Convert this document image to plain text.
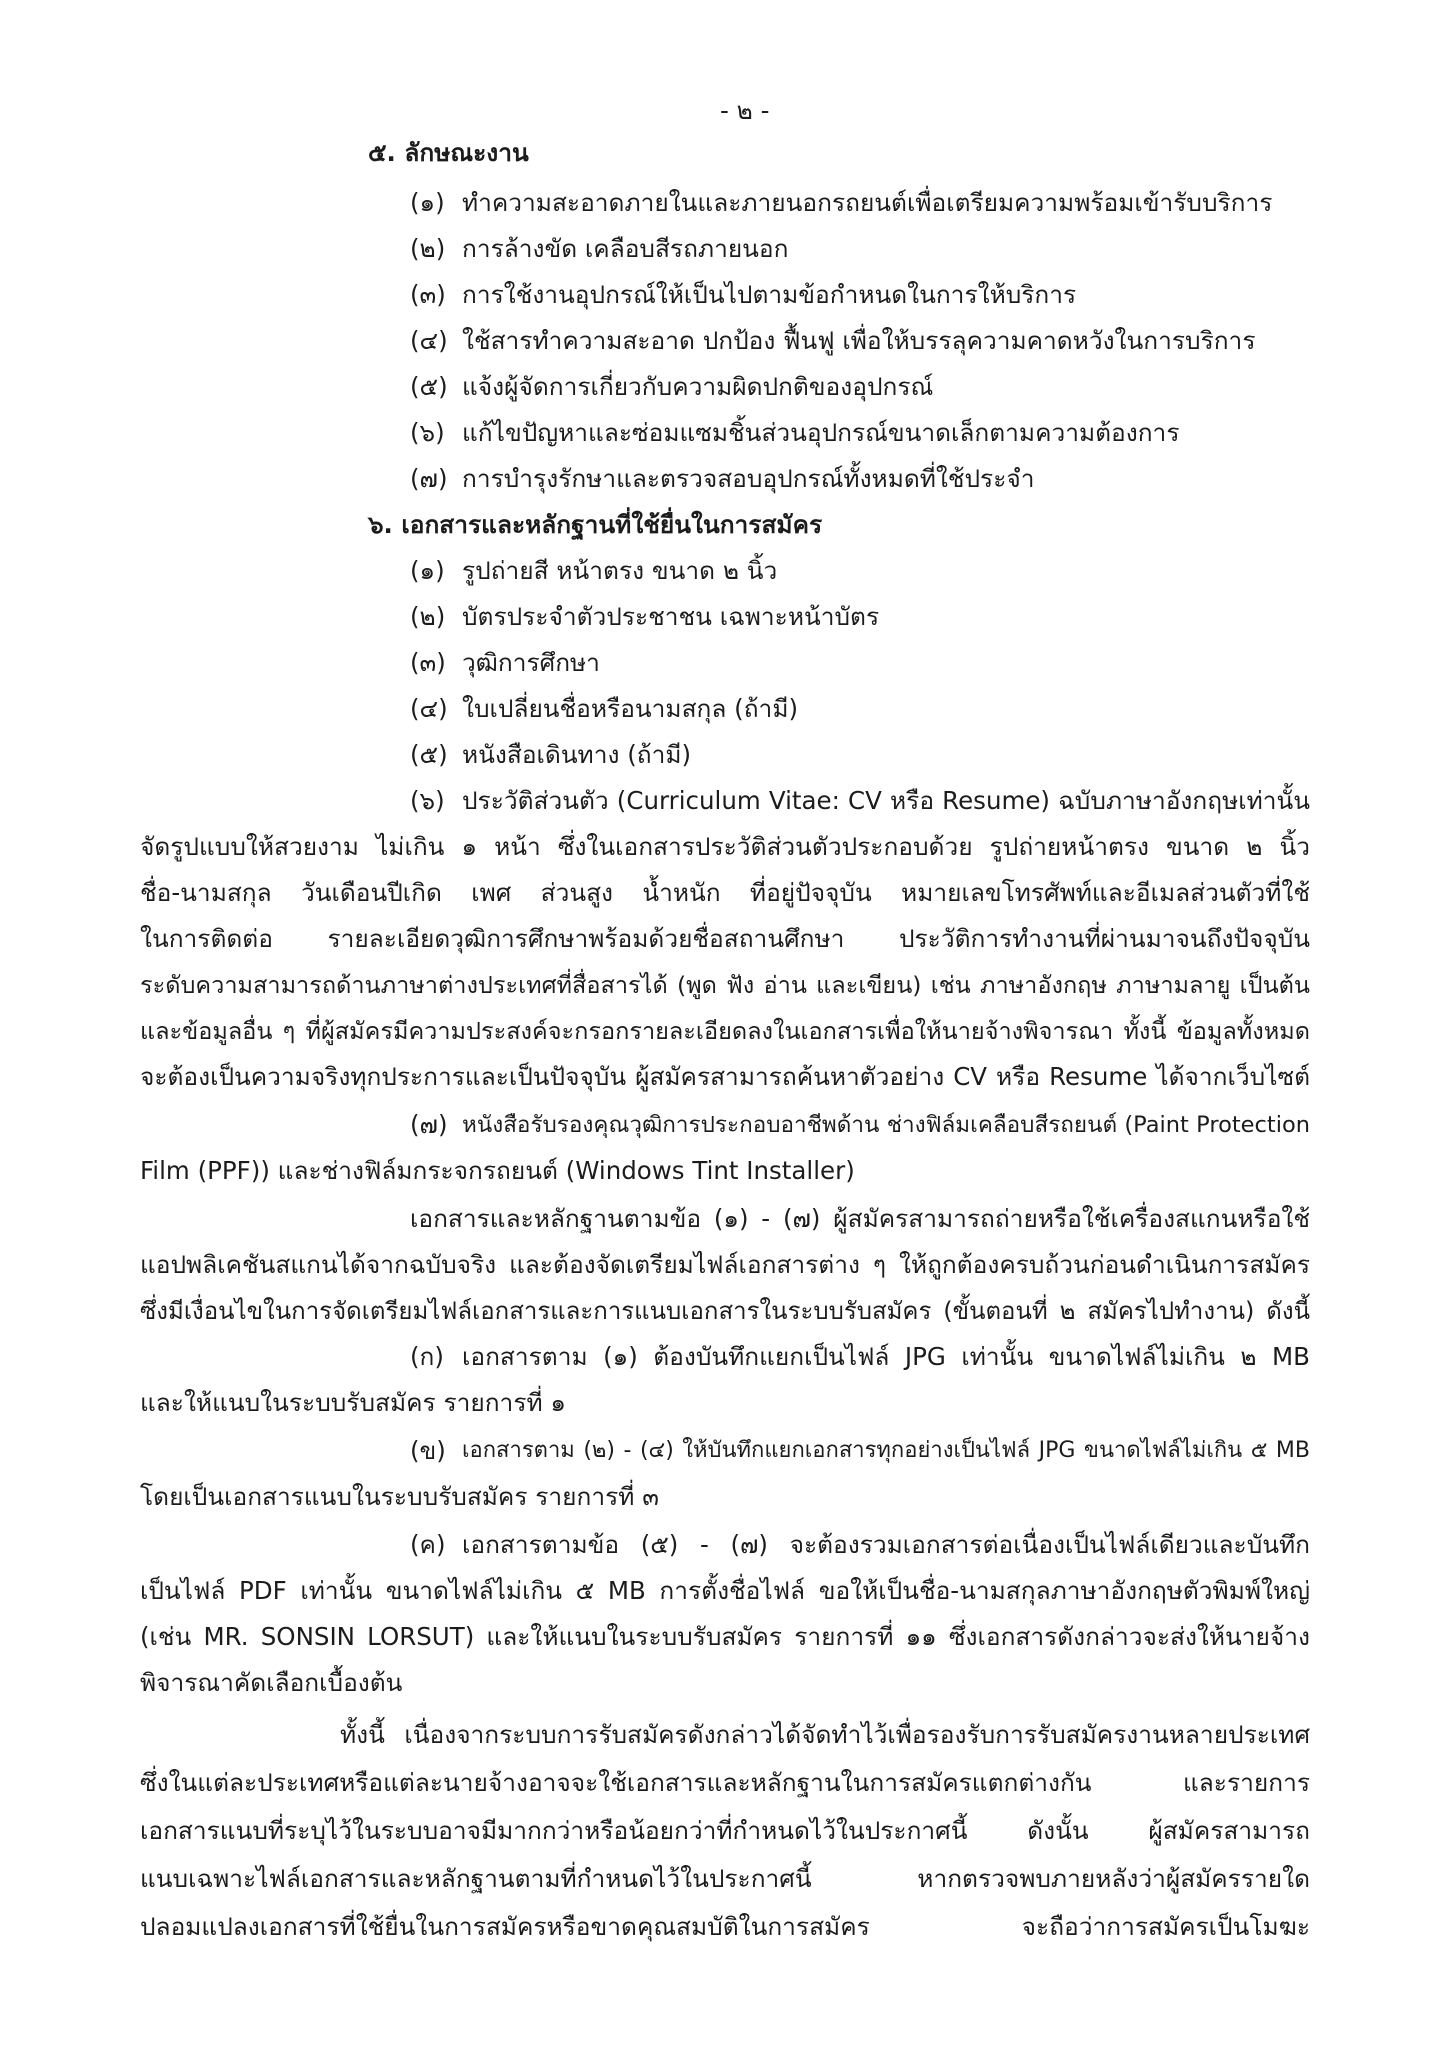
- ๒ -
๕. ลักษณะงาน
(๑) ทำความสะอาดภายในและภายนอกรถยนต์เพื่อเตรียมความพร้อมเข้ารับบริการ
(๒) การล้างขัด เคลือบสีรถภายนอก
(๓) การใช้งานอุปกรณ์ให้เป็นไปตามข้อกำหนดในการให้บริการ
(๔) ใช้สารทำความสะอาด ปกป้อง ฟื้นฟู เพื่อให้บรรลุความคาดหวังในการบริการ
(๕) แจ้งผู้จัดการเกี่ยวกับความผิดปกติของอุปกรณ์
(๖) แก้ไขปัญหาและซ่อมแซมชิ้นส่วนอุปกรณ์ขนาดเล็กตามความต้องการ
(๗) การบำรุงรักษาและตรวจสอบอุปกรณ์ทั้งหมดที่ใช้ประจำ
๖. เอกสารและหลักฐานที่ใช้ยื่นในการสมัคร
(๑) รูปถ่ายสี หน้าตรง ขนาด ๒ นิ้ว
(๒) บัตรประจำตัวประชาชน เฉพาะหน้าบัตร
(๓) วุฒิการศึกษา
(๔) ใบเปลี่ยนชื่อหรือนามสกุล (ถ้ามี)
(๕) หนังสือเดินทาง (ถ้ามี)
(๖) ประวัติส่วนตัว (Curriculum Vitae: CV หรือ Resume) ฉบับภาษาอังกฤษเท่านั้น
จัดรูปแบบให้สวยงาม ไม่เกิน ๑ หน้า ซึ่งในเอกสารประวัติส่วนตัวประกอบด้วย รูปถ่ายหน้าตรง ขนาด ๒ นิ้ว
ชื่อ-นามสกุล วันเดือนปีเกิด เพศ ส่วนสูง น้ำหนัก ที่อยู่ปัจจุบัน หมายเลขโทรศัพท์และอีเมลส่วนตัวที่ใช้
ในการติดต่อ รายละเอียดวุฒิการศึกษาพร้อมด้วยชื่อสถานศึกษา ประวัติการทำงานที่ผ่านมาจนถึงปัจจุบัน
ระดับความสามารถด้านภาษาต่างประเทศที่สื่อสารได้ (พูด ฟัง อ่าน และเขียน) เช่น ภาษาอังกฤษ ภาษามลายู เป็นต้น
และข้อมูลอื่น ๆ ที่ผู้สมัครมีความประสงค์จะกรอกรายละเอียดลงในเอกสารเพื่อให้นายจ้างพิจารณา ทั้งนี้ ข้อมูลทั้งหมด
จะต้องเป็นความจริงทุกประการและเป็นปัจจุบัน ผู้สมัครสามารถค้นหาตัวอย่าง CV หรือ Resume ได้จากเว็บไซต์
(๗) หนังสือรับรองคุณวุฒิการประกอบอาชีพด้าน ช่างฟิล์มเคลือบสีรถยนต์ (Paint Protection
Film (PPF)) และช่างฟิล์มกระจกรถยนต์ (Windows Tint Installer)
เอกสารและหลักฐานตามข้อ (๑) - (๗) ผู้สมัครสามารถถ่ายหรือใช้เครื่องสแกนหรือใช้
แอปพลิเคชันสแกนได้จากฉบับจริง และต้องจัดเตรียมไฟล์เอกสารต่าง ๆ ให้ถูกต้องครบถ้วนก่อนดำเนินการสมัคร
ซึ่งมีเงื่อนไขในการจัดเตรียมไฟล์เอกสารและการแนบเอกสารในระบบรับสมัคร (ขั้นตอนที่ ๒ สมัครไปทำงาน) ดังนี้
(ก) เอกสารตาม (๑) ต้องบันทึกแยกเป็นไฟล์ JPG เท่านั้น ขนาดไฟล์ไม่เกิน ๒ MB
และให้แนบในระบบรับสมัคร รายการที่ ๑
(ข) เอกสารตาม (๒) - (๔) ให้บันทึกแยกเอกสารทุกอย่างเป็นไฟล์ JPG ขนาดไฟล์ไม่เกิน ๕ MB
โดยเป็นเอกสารแนบในระบบรับสมัคร รายการที่ ๓
(ค) เอกสารตามข้อ (๕) - (๗) จะต้องรวมเอกสารต่อเนื่องเป็นไฟล์เดียวและบันทึก
เป็นไฟล์ PDF เท่านั้น ขนาดไฟล์ไม่เกิน ๕ MB การตั้งชื่อไฟล์ ขอให้เป็นชื่อ-นามสกุลภาษาอังกฤษตัวพิมพ์ใหญ่
(เช่น MR. SONSIN LORSUT) และให้แนบในระบบรับสมัคร รายการที่ ๑๑ ซึ่งเอกสารดังกล่าวจะส่งให้นายจ้าง
พิจารณาคัดเลือกเบื้องต้น
ทั้งนี้ เนื่องจากระบบการรับสมัครดังกล่าวได้จัดทำไว้เพื่อรองรับการรับสมัครงานหลายประเทศ
ซึ่งในแต่ละประเทศหรือแต่ละนายจ้างอาจจะใช้เอกสารและหลักฐานในการสมัครแตกต่างกัน และรายการ
เอกสารแนบที่ระบุไว้ในระบบอาจมีมากกว่าหรือน้อยกว่าที่กำหนดไว้ในประกาศนี้ ดังนั้น ผู้สมัครสามารถ
แนบเฉพาะไฟล์เอกสารและหลักฐานตามที่กำหนดไว้ในประกาศนี้ หากตรวจพบภายหลังว่าผู้สมัครรายใด
ปลอมแปลงเอกสารที่ใช้ยื่นในการสมัครหรือขาดคุณสมบัติในการสมัคร จะถือว่าการสมัครเป็นโมฆะ
